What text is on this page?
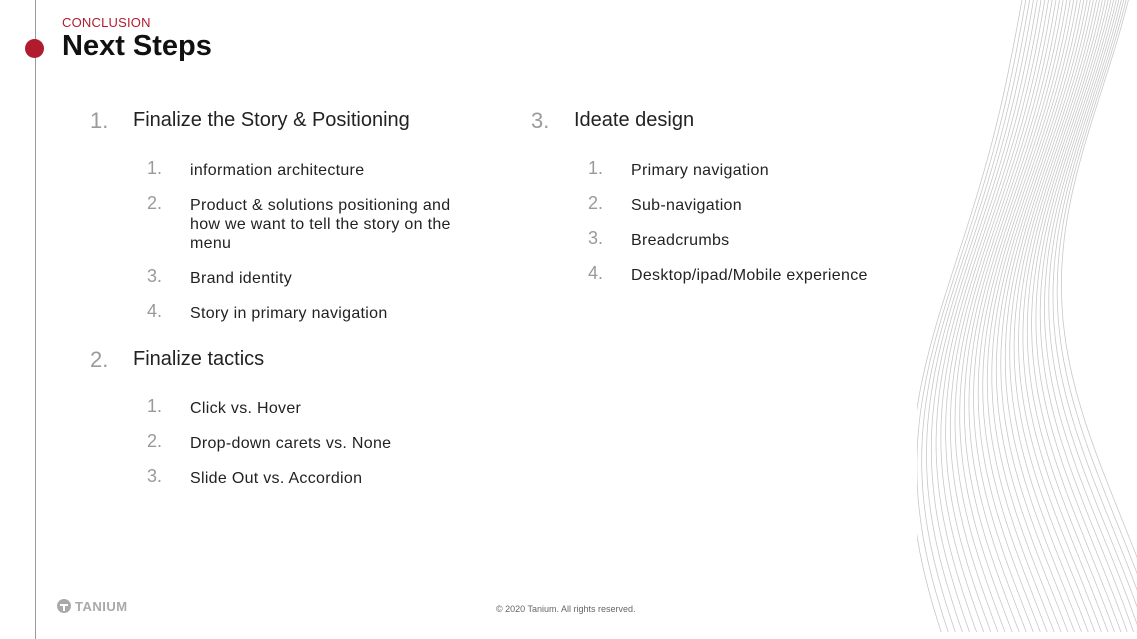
CONCLUSION
Next Steps
1. Finalize the Story & Positioning
1. information architecture
2. Product & solutions positioning and how we want to tell the story on the menu
3. Brand identity
4. Story in primary navigation
2. Finalize tactics
1. Click vs. Hover
2. Drop-down carets vs. None
3. Slide Out vs. Accordion
3. Ideate design
1. Primary navigation
2. Sub-navigation
3. Breadcrumbs
4. Desktop/ipad/Mobile experience
TANIUM	© 2020 Tanium. All rights reserved.
